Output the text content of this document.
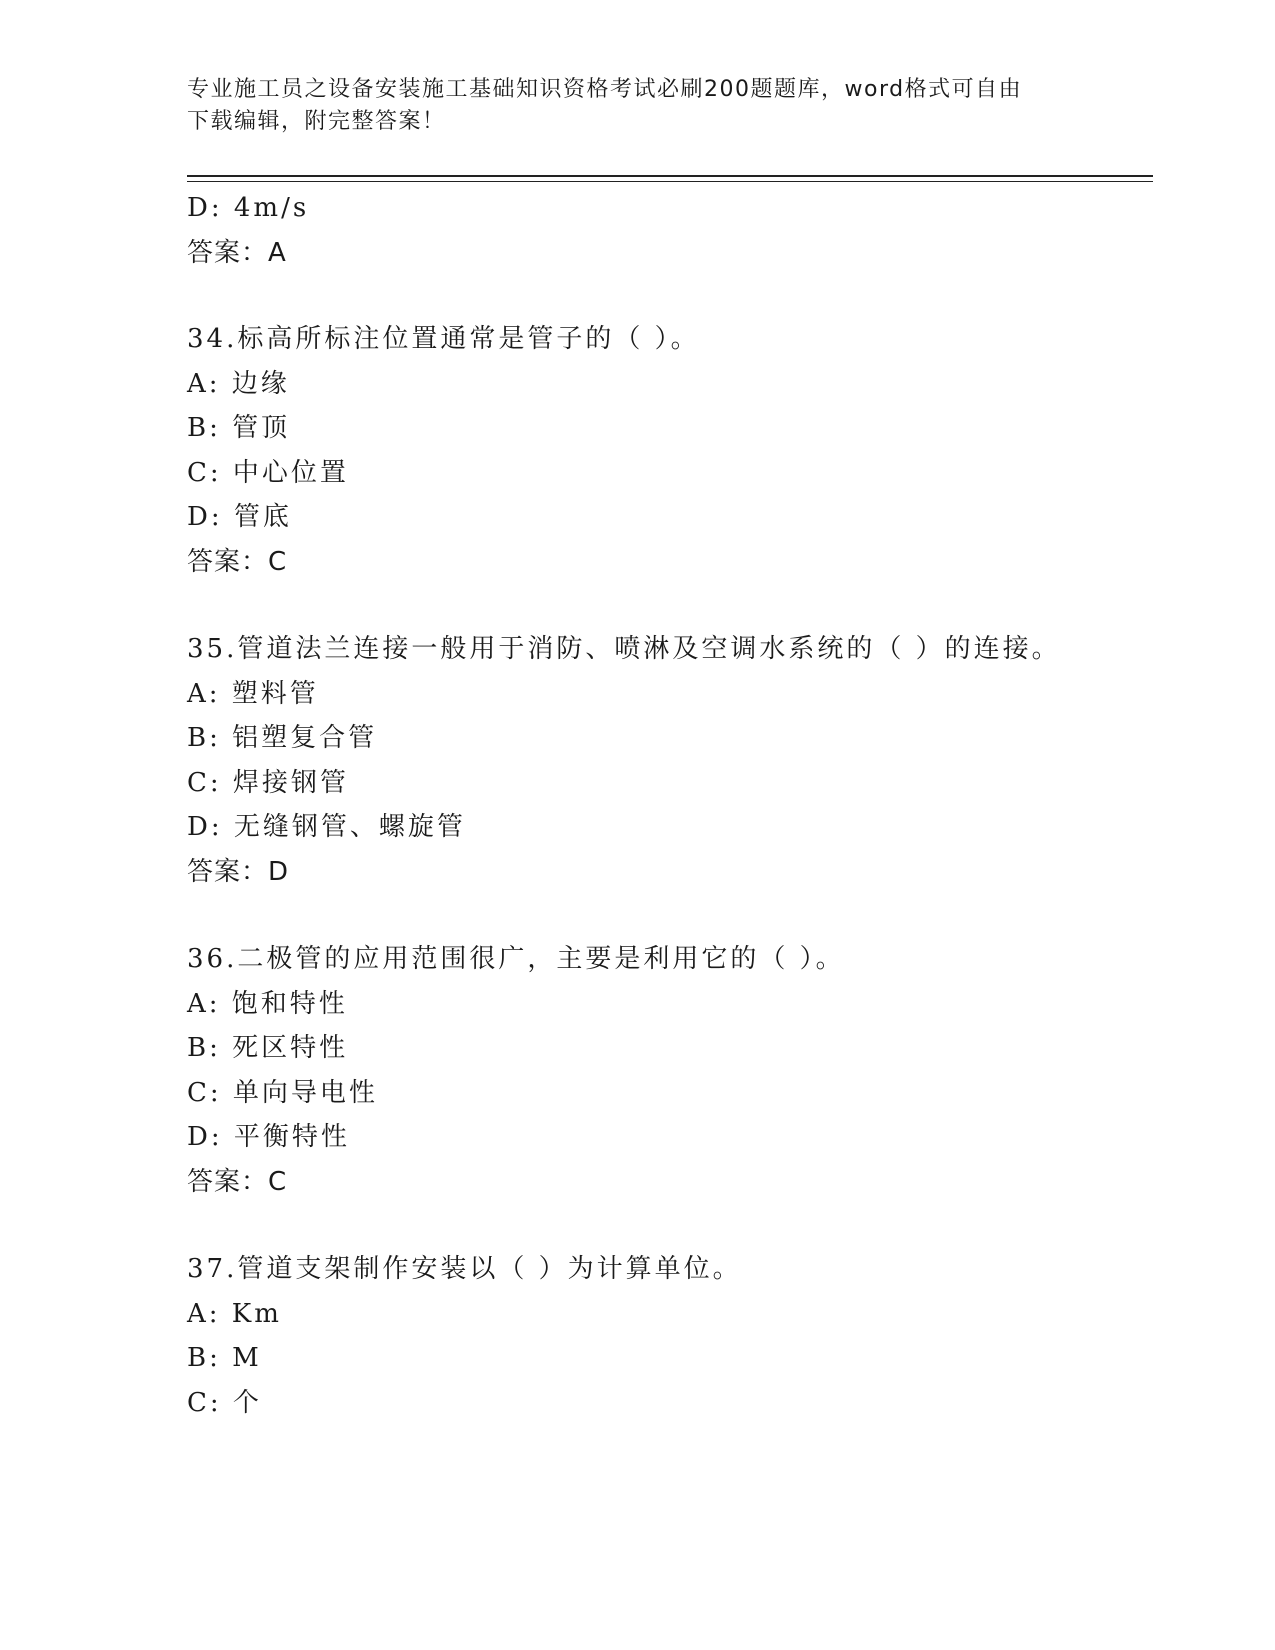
专业施工员之设备安装施工基础知识资格考试必刷200题题库，word格式可自由
下载编辑，附完整答案！
D: 4m/s
答案：A
34.标高所标注位置通常是管子的（ ）。
A: 边缘
B: 管顶
C: 中心位置
D: 管底
答案：C
35.管道法兰连接一般用于消防、喷淋及空调水系统的（ ）的连接。
A: 塑料管
B: 铝塑复合管
C: 焊接钢管
D: 无缝钢管、螺旋管
答案：D
36.二极管的应用范围很广，主要是利用它的（ ）。
A: 饱和特性
B: 死区特性
C: 单向导电性
D: 平衡特性
答案：C
37.管道支架制作安装以（ ）为计算单位。
A: Km
B: M
C: 个
